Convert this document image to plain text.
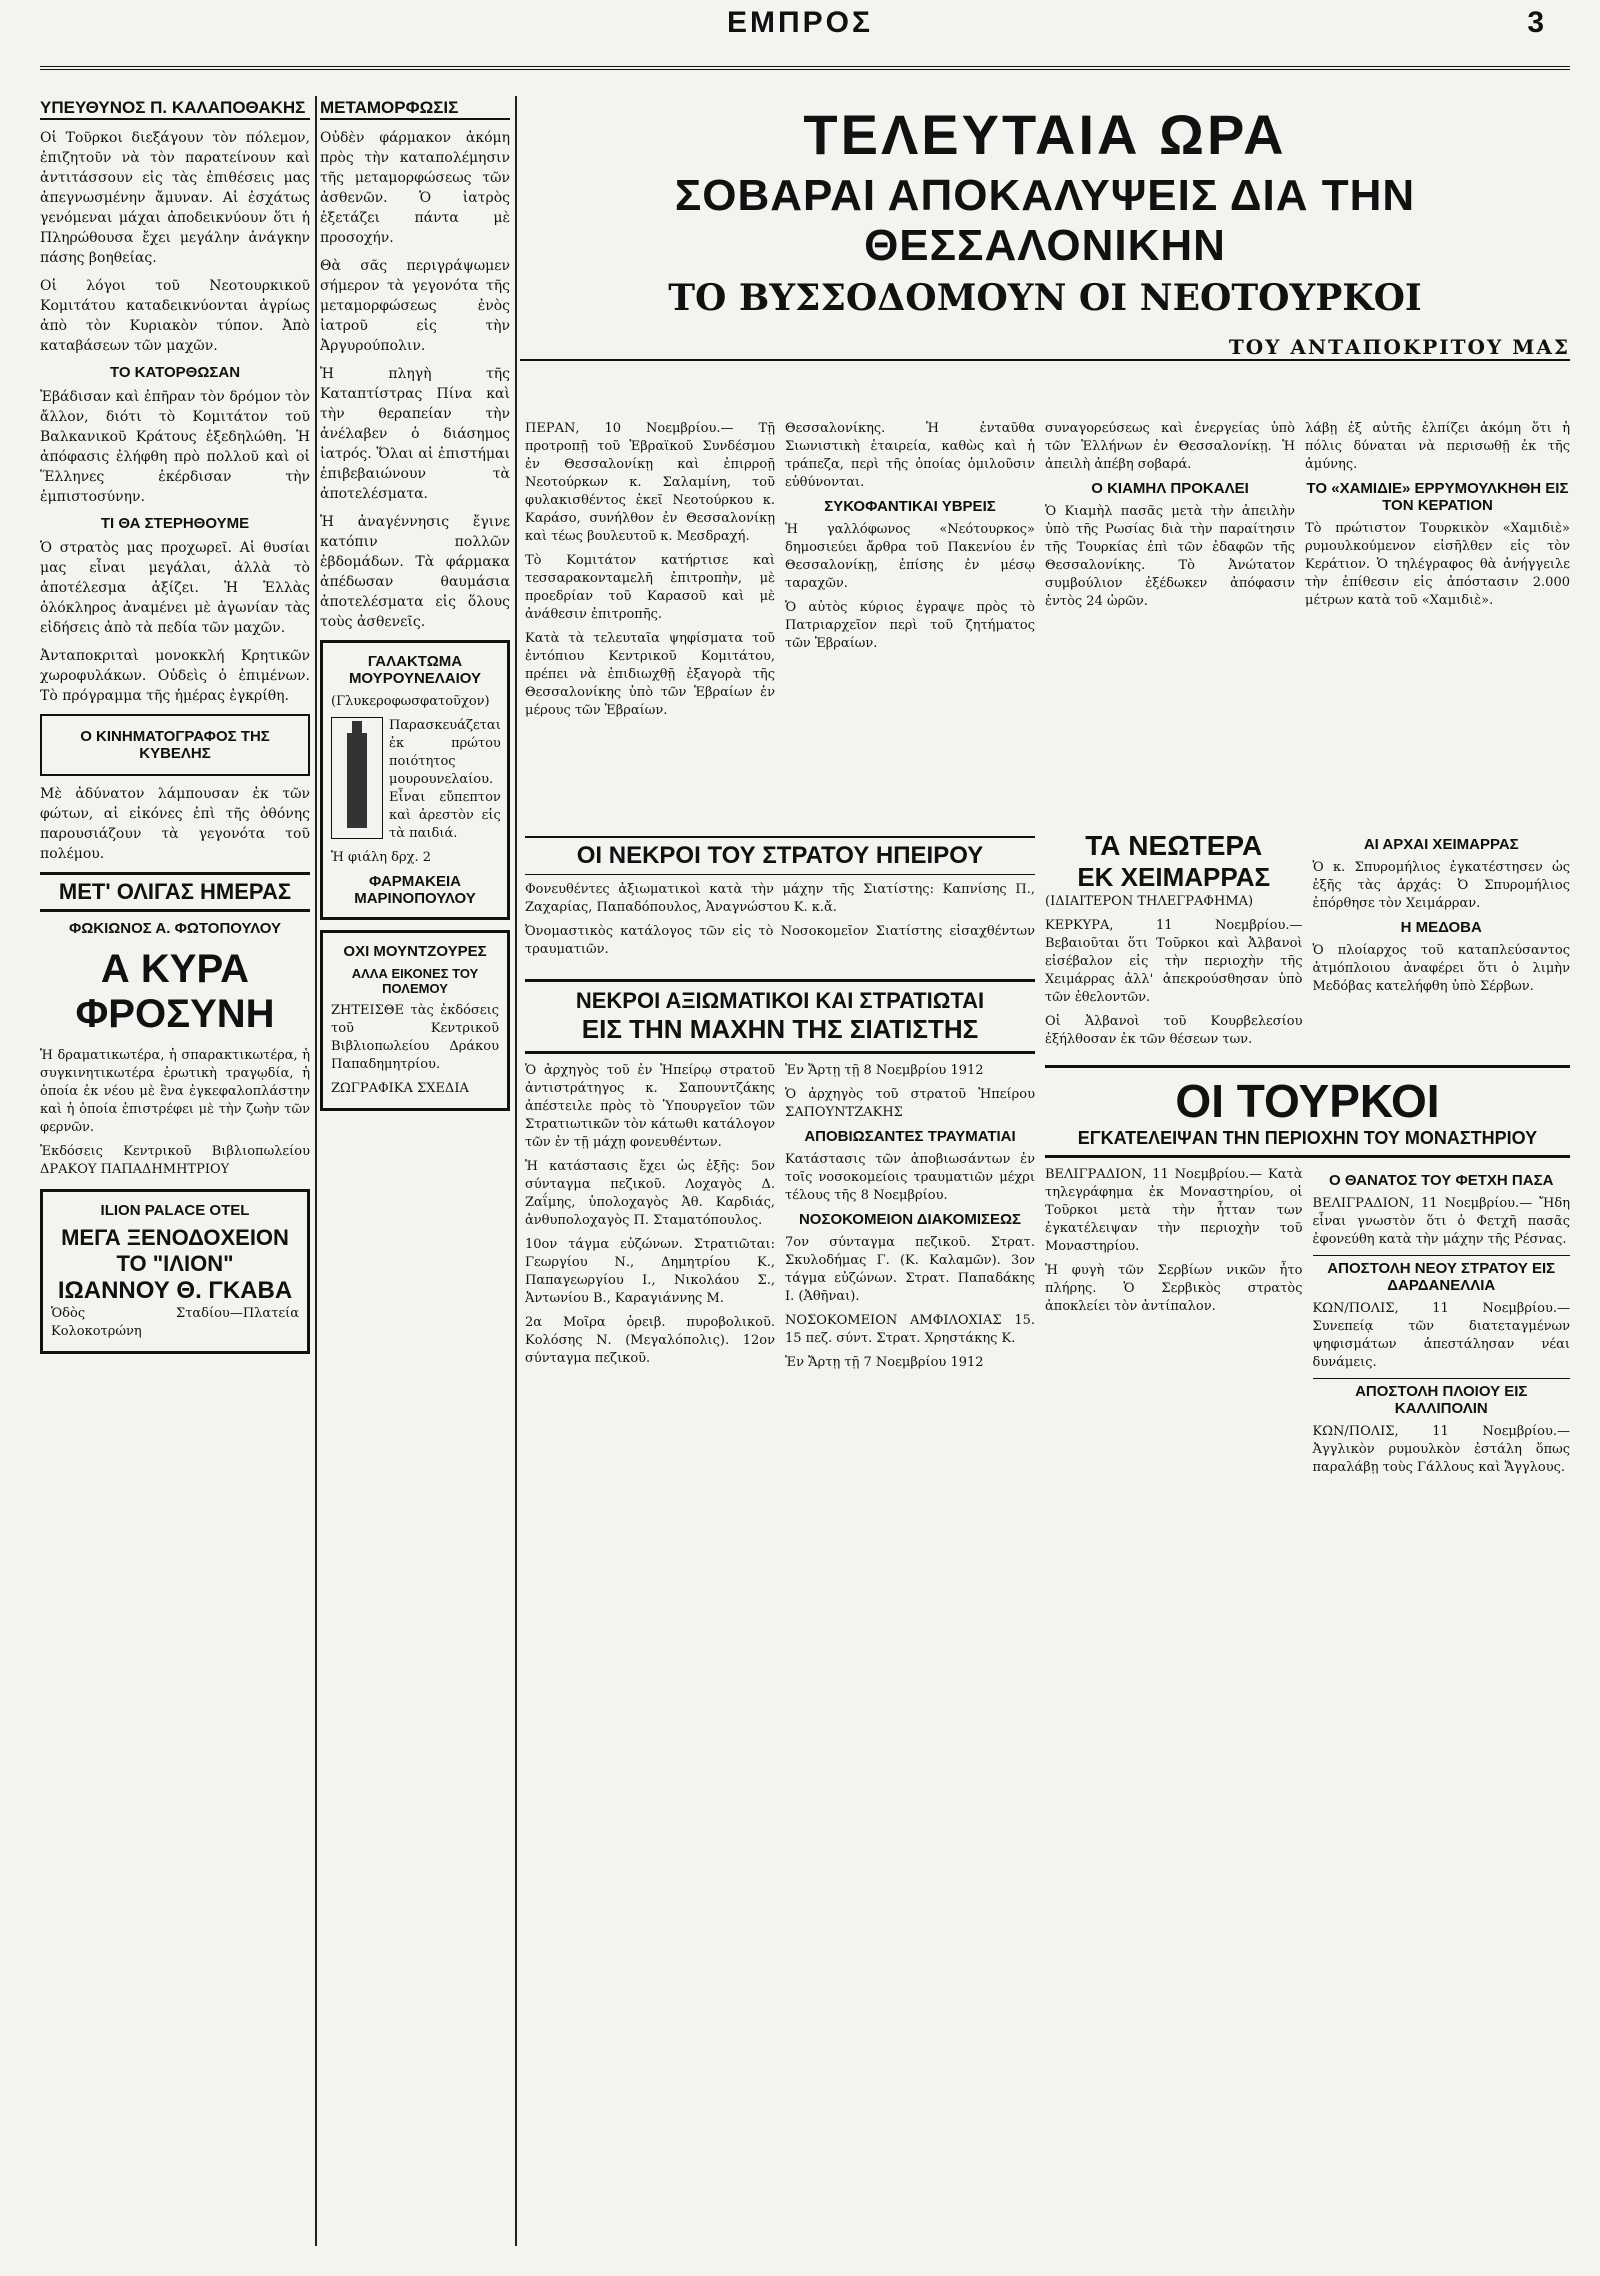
ΕΜΠΡΟΣ	3
ΥΠΕΥΘΥΝΟΣ Π. ΚΑΛΑΠΟΘΑΚΗΣ

Οἱ Τοῦρκοι διεξάγουν τὸν πόλεμον, ἐπιζητοῦν νὰ τὸν παρατείνουν καὶ ἀντιτάσσουν εἰς τὰς ἐπιθέσεις μας ἀπεγνωσμένην ἄμυναν. Αἱ ἐσχάτως γενόμεναι μάχαι ἀποδεικνύουν ὅτι ἡ Πληρώθουσα ἔχει μεγάλην ἀνάγκην πάσης βοηθείας.

Οἱ λόγοι τοῦ Νεοτουρκικοῦ Κομιτάτου καταδεικνύονται ἀγρίως ἀπὸ τὸν Κυριακὸν τύπον. Ἀπὸ καταβάσεων τῶν μαχῶν.

ΤΟ ΚΑΤΟΡΘΩΣΑΝ

Ἐβάδισαν καὶ ἐπῆραν τὸν δρόμον τὸν ἄλλον, διότι τὸ Κομιτάτον τοῦ Βαλκανικοῦ Κράτους ἐξεδηλώθη. Ἡ ἀπόφασις ἐλήφθη πρὸ πολλοῦ καὶ οἱ Ἕλληνες ἐκέρδισαν τὴν ἐμπιστοσύνην.

ΤΙ ΘΑ ΣΤΕΡΗΘΟΥΜΕ

Ὁ στρατὸς μας προχωρεῖ. Αἱ θυσίαι μας εἶναι μεγάλαι, ἀλλὰ τὸ ἀποτέλεσμα ἀξίζει. Ἡ Ἑλλὰς ὁλόκληρος ἀναμένει μὲ ἀγωνίαν τὰς εἰδήσεις ἀπὸ τὰ πεδία τῶν μαχῶν.

Ἀνταποκριταὶ μονοκκλή Κρητικῶν χωροφυλάκων. Οὐδεὶς ὁ ἐπιμένων. Τὸ πρόγραμμα τῆς ἡμέρας ἐγκρίθη.

Ο ΚΙΝΗΜΑΤΟΓΡΑΦΟΣ ΤΗΣ ΚΥΒΕΛΗΣ

Μὲ ἀδύνατον λάμπουσαν ἐκ τῶν φώτων, αἱ εἰκόνες ἐπὶ τῆς ὀθόνης παρουσιάζουν τὰ γεγονότα τοῦ πολέμου.

ΜΕΤ' ΟΛΙΓΑΣ ΗΜΕΡΑΣ
ΦΩΚΙΩΝΟΣ Α. ΦΩΤΟΠΟΥΛΟΥ
Α ΚΥΡΑ ΦΡΟΣΥΝΗ

Ἡ δραματικωτέρα, ἡ σπαρακτικωτέρα, ἡ συγκινητικωτέρα ἐρωτικὴ τραγῳδία, ἡ ὁποία ἐκ νέου μὲ ἓνα ἐγκεφαλοπλάστην καὶ ἡ ὁποία ἐπιστρέφει μὲ τὴν ζωὴν τῶν φερνῶν.

Ἐκδόσεις Κεντρικοῦ Βιβλιοπωλείου ΔΡΑΚΟΥ ΠΑΠΑΔΗΜΗΤΡΙΟΥ

ILION PALACE OTEL
ΜΕΓΑ ΞΕΝΟΔΟΧΕΙΟΝ ΤΟ "ΙΛΙΟΝ"
ΙΩΑΝΝΟΥ Θ. ΓΚΑΒΑ
Ὁδὸς Σταδίου—Πλατεία Κολοκοτρώνη
ΜΕΤΑΜΟΡΦΩΣΙΣ

Οὐδὲν φάρμακον ἀκόμη πρὸς τὴν καταπολέμησιν τῆς μεταμορφώσεως τῶν ἀσθενῶν. Ὁ ἰατρὸς ἐξετάζει πάντα μὲ προσοχήν.

Θὰ σᾶς περιγράψωμεν σήμερον τὰ γεγονότα τῆς μεταμορφώσεως ἐνὸς ἰατροῦ εἰς τὴν Ἀργυρούπολιν.

Ἡ πληγὴ τῆς Καταπτίστρας Πίνα καὶ τὴν θεραπείαν τὴν ἀνέλαβεν ὁ διάσημος ἰατρός. Ὅλαι αἱ ἐπιστήμαι ἐπιβεβαιώνουν τὰ ἀποτελέσματα.

Ἡ ἀναγέννησις ἔγινε κατόπιν πολλῶν ἑβδομάδων. Τὰ φάρμακα ἀπέδωσαν θαυμάσια ἀποτελέσματα εἰς ὅλους τοὺς ἀσθενεῖς.

ΓΑΛΑΚΤΩΜΑ ΜΟΥΡΟΥΝΕΛΑΙΟΥ
(Γλυκεροφωσφατοῦχον)

Παρασκευάζεται ἐκ πρώτου ποιότητος μουρουνελαίου. Εἶναι εὔπεπτον καὶ ἀρεστὸν εἰς τὰ παιδιά.

Ἡ φιάλη δρχ. 2
ΦΑΡΜΑΚΕΙΑ ΜΑΡΙΝΟΠΟΥΛΟΥ
ΟΧΙ ΜΟΥΝΤΖΟΥΡΕΣ
ΑΛΛΑ ΕΙΚΟΝΕΣ ΤΟΥ ΠΟΛΕΜΟΥ

ΖΗΤΕΙΣΘΕ τὰς ἐκδόσεις τοῦ Κεντρικοῦ Βιβλιοπωλείου Δράκου Παπαδημητρίου.

ΖΩΓΡΑΦΙΚΑ ΣΧΕΔΙΑ
ΤΕΛΕΥΤΑΙΑ ΩΡΑ
ΣΟΒΑΡΑΙ ΑΠΟΚΑΛΥΨΕΙΣ ΔΙΑ ΤΗΝ ΘΕΣΣΑΛΟΝΙΚΗΝ
ΤΟ ΒΥΣΣΟΔΟΜΟΥΝ ΟΙ ΝΕΟΤΟΥΡΚΟΙ
ΤΟΥ ΑΝΤΑΠΟΚΡΙΤΟΥ ΜΑΣ

ΠΕΡΑΝ, 10 Νοεμβρίου.— Τῇ προτροπῇ τοῦ Ἑβραϊκοῦ Συνδέσμου ἐν Θεσσαλονίκῃ καὶ ἐπιρροῇ Νεοτούρκων κ. Σαλαμίνη, τοῦ φυλακισθέντος ἐκεῖ Νεοτούρκου κ. Καράσο, συνήλθον ἐν Θεσσαλονίκῃ καὶ τέως βουλευτοῦ κ. Μεσδραχή.

Τὸ Κομιτάτον κατήρτισε καὶ τεσσαρακονταμελῆ ἐπιτροπὴν, μὲ προεδρίαν τοῦ Καρασοῦ καὶ μὲ ἀνάθεσιν ἐπιτροπῆς.

Κατὰ τὰ τελευταῖα ψηφίσματα τοῦ ἐντόπιου Κεντρικοῦ Κομιτάτου, πρέπει νὰ ἐπιδιωχθῇ ἐξαγορὰ τῆς Θεσσαλονίκης ὑπὸ τῶν Ἑβραίων ἐν μέρους τῶν Ἑβραίων.

Θεσσαλονίκης. Ἡ ἐνταῦθα Σιωνιστικὴ ἑταιρεία, καθὼς καὶ ἡ τράπεζα, περὶ τῆς ὁποίας ὁμιλοῦσιν εὐθύνονται.

ΣΥΚΟΦΑΝΤΙΚΑΙ ΥΒΡΕΙΣ

Ἡ γαλλόφωνος «Νεότουρκος» δημοσιεύει ἄρθρα τοῦ Πακενίου ἐν Θεσσαλονίκῃ, ἐπίσης ἐν μέσῳ ταραχῶν.

Ὁ αὐτὸς κύριος ἐγραψε πρὸς τὸ Πατριαρχεῖον περὶ τοῦ ζητήματος τῶν Ἑβραίων.

συναγορεύσεως καὶ ἐνεργείας ὑπὸ τῶν Ἑλλήνων ἐν Θεσσαλονίκῃ. Ἡ ἀπειλὴ ἀπέβη σοβαρά.

Ο ΚΙΑΜΗΛ ΠΡΟΚΑΛΕΙ

Ὁ Κιαμὴλ πασᾶς μετὰ τὴν ἀπειλὴν ὑπὸ τῆς Ρωσίας διὰ τὴν παραίτησιν τῆς Τουρκίας ἐπὶ τῶν ἐδαφῶν τῆς Θεσσαλονίκης. Τὸ Ἀνώτατον συμβούλιον ἐξέδωκεν ἀπόφασιν ἐντὸς 24 ὡρῶν.

λάβῃ ἐξ αὐτῆς ἐλπίζει ἀκόμη ὅτι ἡ πόλις δύναται νὰ περισωθῇ ἐκ τῆς ἀμύνης.

ΤΟ «ΧΑΜΙΔΙΕ» ΕΡΡΥΜΟΥΛΚΗΘΗ ΕΙΣ ΤΟΝ ΚΕΡΑΤΙΟΝ

Τὸ πρώτιστον Τουρκικὸν «Χαμιδιὲ» ρυμουλκούμενον εἰσῆλθεν εἰς τὸν Κεράτιον. Ὁ τηλέγραφος θὰ ἀνήγγειλε τὴν ἐπίθεσιν εἰς ἀπόστασιν 2.000 μέτρων κατὰ τοῦ «Χαμιδιὲ».

ΟΙ ΝΕΚΡΟΙ ΤΟΥ ΣΤΡΑΤΟΥ ΗΠΕΙΡΟΥ

Φονευθέντες ἀξιωματικοὶ κατὰ τὴν μάχην τῆς Σιατίστης: Καπνίσης Π., Ζαχαρίας, Παπαδόπουλος, Ἀναγνώστου Κ. κ.ἄ.

Ὀνομαστικὸς κατάλογος τῶν εἰς τὸ Νοσοκομεῖον Σιατίστης εἰσαχθέντων τραυματιῶν.

ΝΕΚΡΟΙ ΑΞΙΩΜΑΤΙΚΟΙ ΚΑΙ ΣΤΡΑΤΙΩΤΑΙ
ΕΙΣ ΤΗΝ ΜΑΧΗΝ ΤΗΣ ΣΙΑΤΙΣΤΗΣ

Ὁ ἀρχηγὸς τοῦ ἐν Ἠπείρῳ στρατοῦ ἀντιστράτηγος κ. Σαπουντζάκης ἀπέστειλε πρὸς τὸ Ὑπουργεῖον τῶν Στρατιωτικῶν τὸν κάτωθι κατάλογον τῶν ἐν τῇ μάχῃ φονευθέντων.

Ἡ κατάστασις ἔχει ὡς ἑξῆς: 5ον σύνταγμα πεζικοῦ. Λοχαγὸς Δ. Ζαΐμης, ὑπολοχαγὸς Ἀθ. Καρδιάς, ἀνθυπολοχαγὸς Π. Σταματόπουλος.

10ον τάγμα εὐζώνων. Στρατιῶται: Γεωργίου Ν., Δημητρίου Κ., Παπαγεωργίου Ι., Νικολάου Σ., Ἀντωνίου Β., Καραγιάννης Μ.

2α Μοῖρα ὀρειβ. πυροβολικοῦ. Κολόσης Ν. (Μεγαλόπολις). 12ον σύνταγμα πεζικοῦ.

Ἐν Ἄρτῃ τῇ 8 Νοεμβρίου 1912

Ὁ ἀρχηγὸς τοῦ στρατοῦ Ἠπείρου ΣΑΠΟΥΝΤΖΑΚΗΣ

ΑΠΟΒΙΩΣΑΝΤΕΣ ΤΡΑΥΜΑΤΙΑΙ

Κατάστασις τῶν ἀποβιωσάντων ἐν τοῖς νοσοκομείοις τραυματιῶν μέχρι τέλους τῆς 8 Νοεμβρίου.

ΝΟΣΟΚΟΜΕΙΟΝ ΔΙΑΚΟΜΙΣΕΩΣ

7ον σύνταγμα πεζικοῦ. Στρατ. Σκυλοδήμας Γ. (Κ. Καλαμῶν). 3ον τάγμα εὐζώνων. Στρατ. Παπαδάκης Ι. (Ἀθῆναι).

ΝΟΣΟΚΟΜΕΙΟΝ ΑΜΦΙΛΟΧΙΑΣ 15. 15 πεζ. σύντ. Στρατ. Χρηστάκης Κ.

Ἐν Ἄρτῃ τῇ 7 Νοεμβρίου 1912

ΤΑ ΝΕΩΤΕΡΑ
ΕΚ ΧΕΙΜΑΡΡΑΣ
(ΙΔΙΑΙΤΕΡΟΝ ΤΗΛΕΓΡΑΦΗΜΑ)

ΚΕΡΚΥΡΑ, 11 Νοεμβρίου.— Βεβαιοῦται ὅτι Τοῦρκοι καὶ Ἀλβανοὶ εἰσέβαλον εἰς τὴν περιοχὴν τῆς Χειμάρρας ἀλλ' ἀπεκρούσθησαν ὑπὸ τῶν ἐθελοντῶν.

Οἱ Ἀλβανοὶ τοῦ Κουρβελεσίου ἐξήλθοσαν ἐκ τῶν θέσεων των.

ΑΙ ΑΡΧΑΙ ΧΕΙΜΑΡΡΑΣ

Ὁ κ. Σπυρομήλιος ἐγκατέστησεν ὡς ἑξῆς τὰς ἀρχάς: Ὀ Σπυρομήλιος ἐπόρθησε τὸν Χειμάρραν.

Η ΜΕΔΟΒΑ

Ὁ πλοίαρχος τοῦ καταπλεύσαντος ἀτμόπλοιου ἀναφέρει ὅτι ὁ λιμὴν Μεδόβας κατελήφθη ὑπὸ Σέρβων.

ΟΙ ΤΟΥΡΚΟΙ
ΕΓΚΑΤΕΛΕΙΨΑΝ ΤΗΝ ΠΕΡΙΟΧΗΝ ΤΟΥ ΜΟΝΑΣΤΗΡΙΟΥ

ΒΕΛΙΓΡΑΔΙΟΝ, 11 Νοεμβρίου.— Κατὰ τηλεγράφημα ἐκ Μοναστηρίου, οἱ Τοῦρκοι μετὰ τὴν ἧτταν των ἐγκατέλειψαν τὴν περιοχὴν τοῦ Μοναστηρίου.

Ἡ φυγὴ τῶν Σερβίων νικῶν ἦτο πλήρης. Ὁ Σερβικὸς στρατὸς ἀποκλείει τὸν ἀντίπαλον.

Ο ΘΑΝΑΤΟΣ ΤΟΥ ΦΕΤΧΗ ΠΑΣΑ

ΒΕΛΙΓΡΑΔΙΟΝ, 11 Νοεμβρίου.— Ἤδη εἶναι γνωστὸν ὅτι ὁ Φετχῆ πασᾶς ἐφονεύθη κατὰ τὴν μάχην τῆς Ρέσνας.

ΑΠΟΣΤΟΛΗ ΝΕΟΥ ΣΤΡΑΤΟΥ ΕΙΣ ΔΑΡΔΑΝΕΛΛΙΑ

ΚΩΝ/ΠΟΛΙΣ, 11 Νοεμβρίου.— Συνεπείᾳ τῶν διατεταγμένων ψηφισμάτων ἀπεστάλησαν νέαι δυνάμεις.

ΑΠΟΣΤΟΛΗ ΠΛΟΙΟΥ ΕΙΣ ΚΑΛΛΙΠΟΛΙΝ

ΚΩΝ/ΠΟΛΙΣ, 11 Νοεμβρίου.— Ἀγγλικὸν ρυμουλκὸν ἐστάλη ὅπως παραλάβῃ τοὺς Γάλλους καὶ Ἄγγλους.
